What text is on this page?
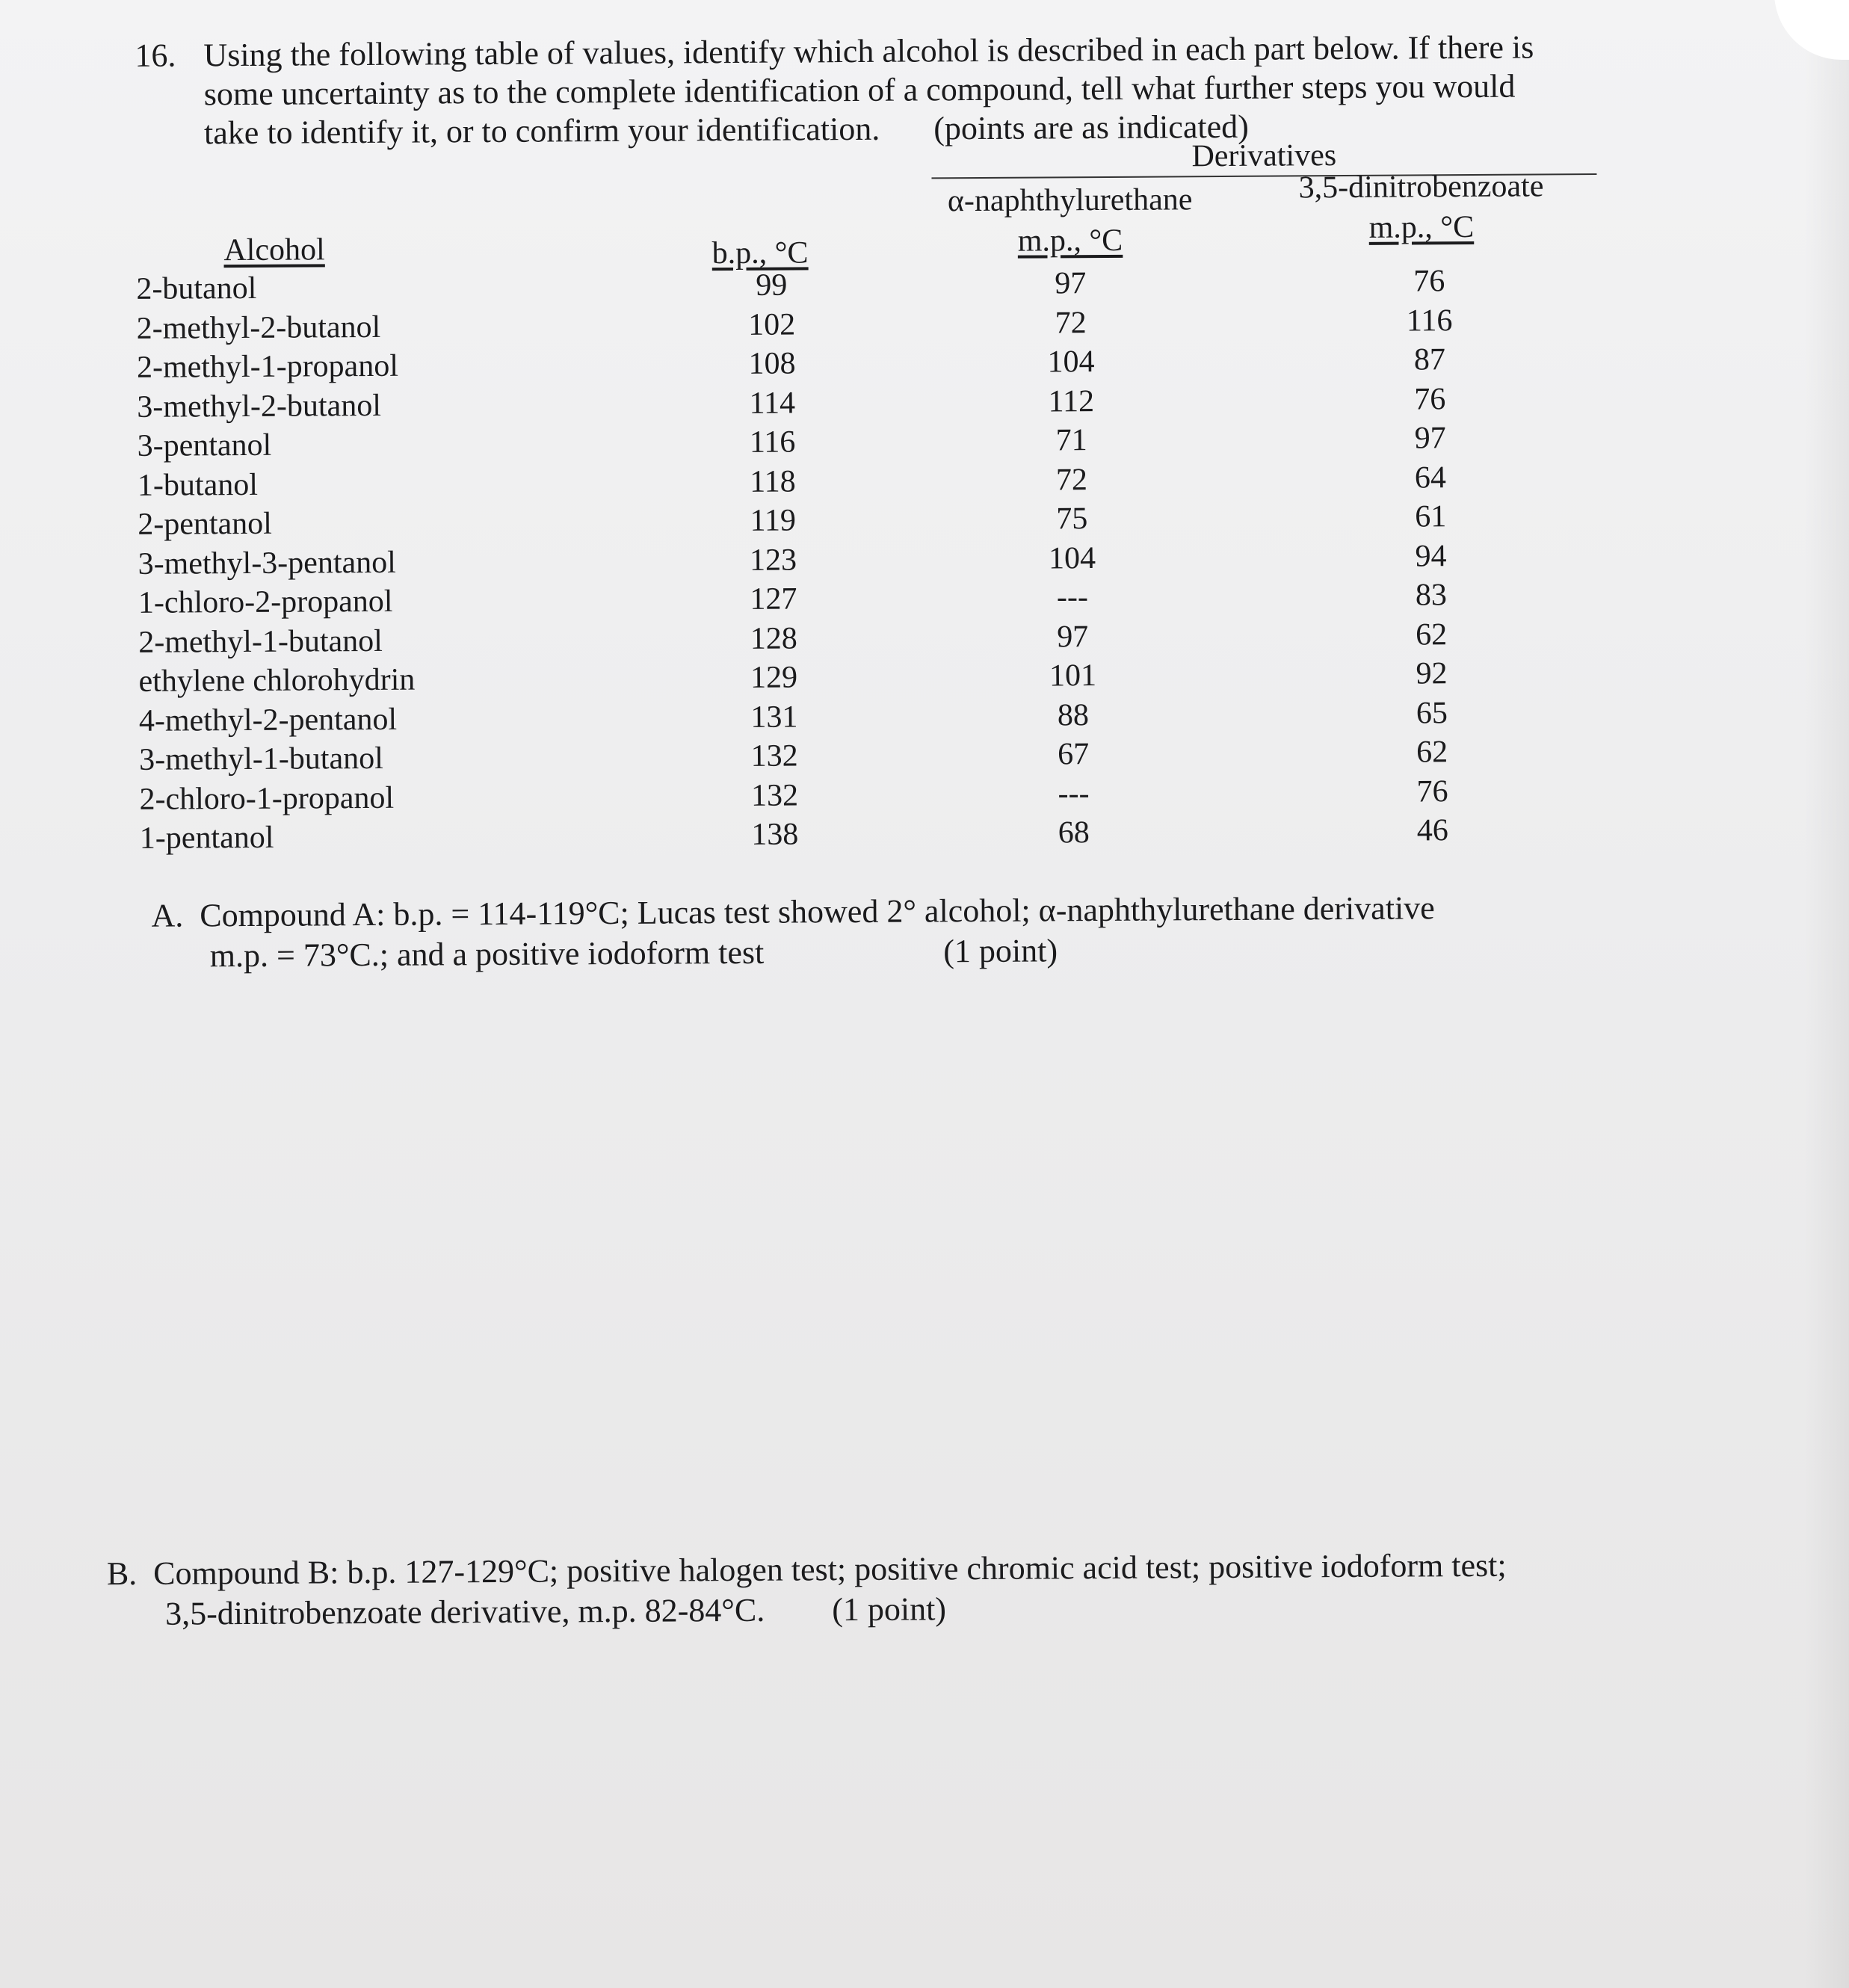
16. Using the following table of values, identify which alcohol is described in each part below. If there is
some uncertainty as to the complete identification of a compound, tell what further steps you would
take to identify it, or to confirm your identification. (points are as indicated)
Derivatives
Alcohol	b.p., °C
α-naphthylurethane
m.p., °C
3,5-dinitrobenzoate
m.p., °C
2-butanol	99	97	76
2-methyl-2-butanol	102	72	116
2-methyl-1-propanol	108	104	87
3-methyl-2-butanol	114	112	76
3-pentanol	116	71	97
1-butanol	118	72	64
2-pentanol	119	75	61
3-methyl-3-pentanol	123	104	94
1-chloro-2-propanol	127	---	83
2-methyl-1-butanol	128	97	62
ethylene chlorohydrin	129	101	92
4-methyl-2-pentanol	131	88	65
3-methyl-1-butanol	132	67	62
2-chloro-1-propanol	132	---	76
1-pentanol	138	68	46
A. Compound A: b.p. = 114-119°C; Lucas test showed 2° alcohol; α-naphthylurethane derivative
m.p. = 73°C.; and a positive iodoform test	(1 point)
B. Compound B: b.p. 127-129°C; positive halogen test; positive chromic acid test; positive iodoform test;
3,5-dinitrobenzoate derivative, m.p. 82-84°C. (1 point)
